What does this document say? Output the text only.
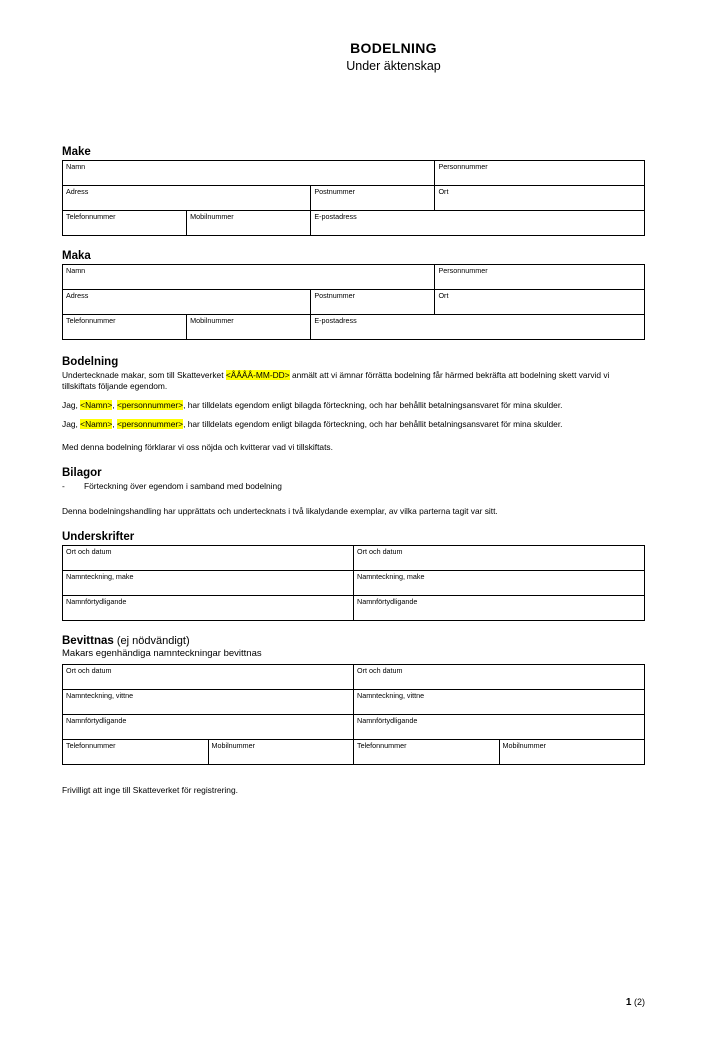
BODELNING
Under äktenskap
Make
Namn			Personnummer
Adress		Postnummer	Ort
Telefonnummer	Mobilnummer	E-postadress	
Maka
Namn			Personnummer
Adress		Postnummer	Ort
Telefonnummer	Mobilnummer	E-postadress	
Bodelning

Undertecknade makar, som till Skatteverket <ÅÅÅÅ-MM-DD> anmält att vi ämnar förrätta bodelning får härmed bekräfta att bodelning skett varvid vi tillskiftats följande egendom.

Jag, <Namn>, <personnummer>, har tilldelats egendom enligt bilagda förteckning, och har behållit betalningsansvaret för mina skulder.

Jag, <Namn>, <personnummer>, har tilldelats egendom enligt bilagda förteckning, och har behållit betalningsansvaret för mina skulder.

Med denna bodelning förklarar vi oss nöjda och kvitterar vad vi tillskiftats.

Bilagor
-	Förteckning över egendom i samband med bodelning

Denna bodelningshandling har upprättats och undertecknats i två likalydande exemplar, av vilka parterna tagit var sitt.

Underskrifter
Ort och datum	Ort och datum
Namnteckning, make	Namnteckning, make
Namnförtydligande	Namnförtydligande
Bevittnas (ej nödvändigt)
Makars egenhändiga namnteckningar bevittnas
Ort och datum		Ort och datum	
Namnteckning, vittne		Namnteckning, vittne	
Namnförtydligande		Namnförtydligande	
Telefonnummer	Mobilnummer	Telefonnummer	Mobilnummer
Frivilligt att inge till Skatteverket för registrering.
1 (2)
